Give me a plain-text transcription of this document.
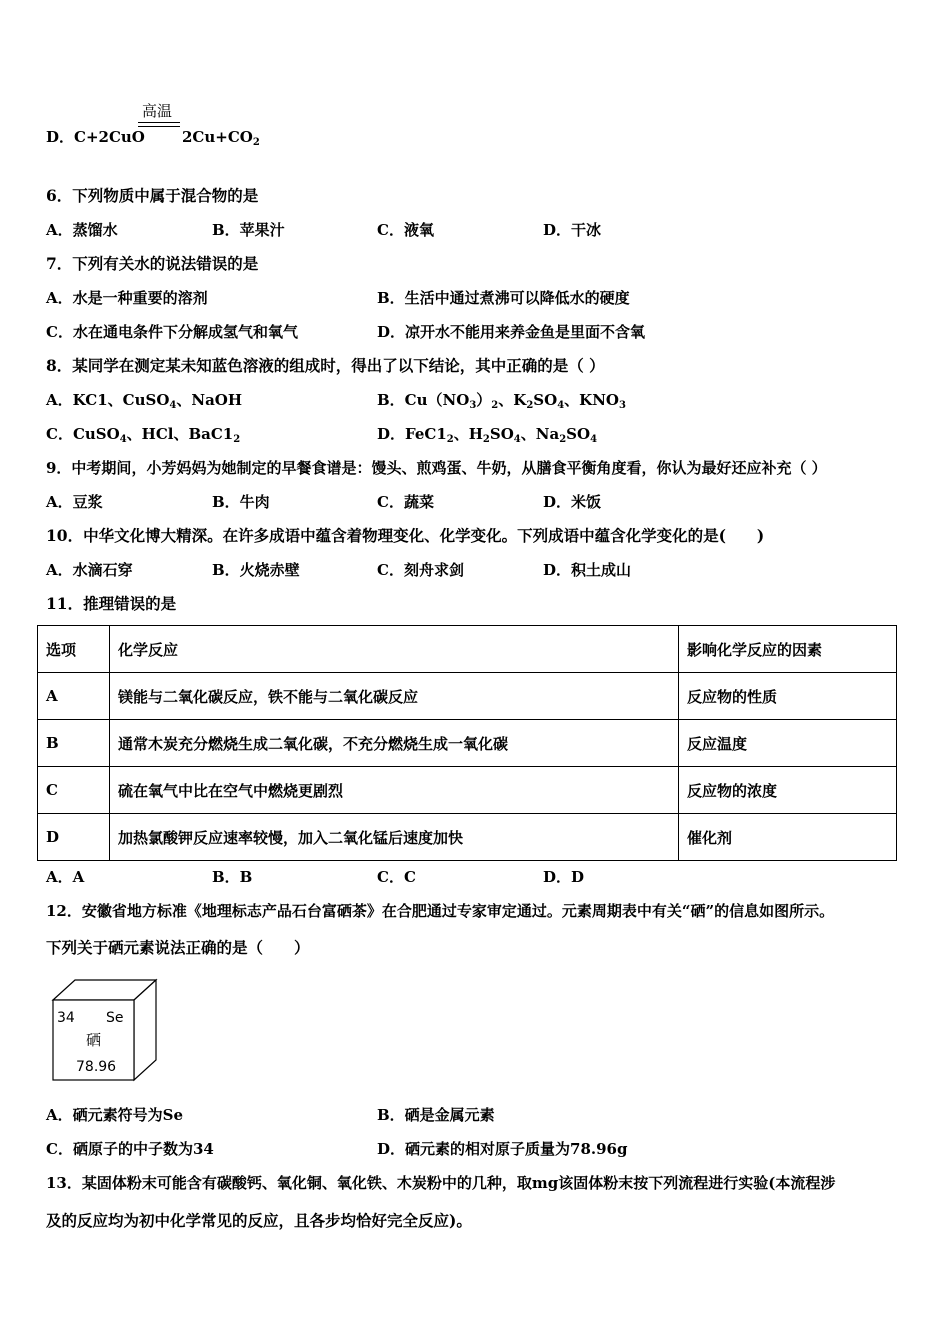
高温
D．C+2CuO $2Cu+CO_2$
6．下列物质中属于混合物的是
A．蒸馏水	B．苹果汁	C．液氧	D．干冰
7．下列有关水的说法错误的是
A．水是一种重要的溶剂	B．生活中通过煮沸可以降低水的硬度
C．水在通电条件下分解成氢气和氧气	D．凉开水不能用来养金鱼是里面不含氧
8．某同学在测定某未知蓝色溶液的组成时，得出了以下结论，其中正确的是（ ）
A．KC1、CuSO$_4$、NaOH	B．$Cu(NO_3)_2$、$K_2SO_4$、$KNO_3$
C．CuSO$_4$、HCl、$BaC1_2$	D．$FeC1_2$、$H_2SO_4$、$Na_2SO_4$
9．中考期间，小芳妈妈为她制定的早餐食谱是：馒头、煎鸡蛋、牛奶，从膳食平衡角度看，你认为最好还应补充（ ）
A．豆浆	B．牛肉	C．蔬菜	D．米饭
10．中华文化博大精深。在许多成语中蕴含着物理变化、化学变化。下列成语中蕴含化学变化的是(　　)
A．水滴石穿	B．火烧赤壁	C．刻舟求剑	D．积土成山
11．推理错误的是
选项	化学反应	影响化学反应的因素
A	镁能与二氧化碳反应，铁不能与二氧化碳反应	反应物的性质
B	通常木炭充分燃烧生成二氧化碳，不充分燃烧生成一氧化碳	反应温度
C	硫在氧气中比在空气中燃烧更剧烈	反应物的浓度
D	加热氯酸钾反应速率较慢，加入二氧化锰后速度加快	催化剂
A．A	B．B	C．C	D．D
12．安徽省地方标准《地理标志产品石台富硒茶》在合肥通过专家审定通过。元素周期表中有关“硒”的信息如图所示。
下列关于硒元素说法正确的是（　　）
34 Se
硒
78.96
A．硒元素符号为Se	B．硒是金属元素
C．硒原子的中子数为34	D．硒元素的相对原子质量为78.96g
13．某固体粉末可能含有碳酸钙、氧化铜、氧化铁、木炭粉中的几种，取mg该固体粉末按下列流程进行实验(本流程涉
及的反应均为初中化学常见的反应，且各步均恰好完全反应)。
